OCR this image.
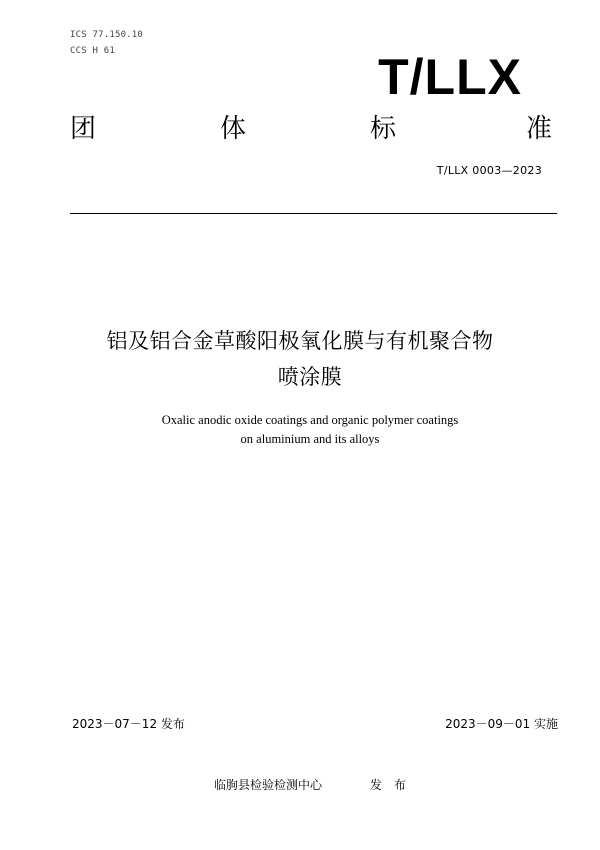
ICS 77.150.10
CCS H 61	T/LLX
团	体	标	准
T/LLX 0003—2023
铝及铝合金草酸阳极氧化膜与有机聚合物
喷涂膜
Oxalic anodic oxide coatings and organic polymer coatings
on aluminium and its alloys
2023－07－12 发布	2023－09－01 实施
临朐县检验检测中心	发 布
